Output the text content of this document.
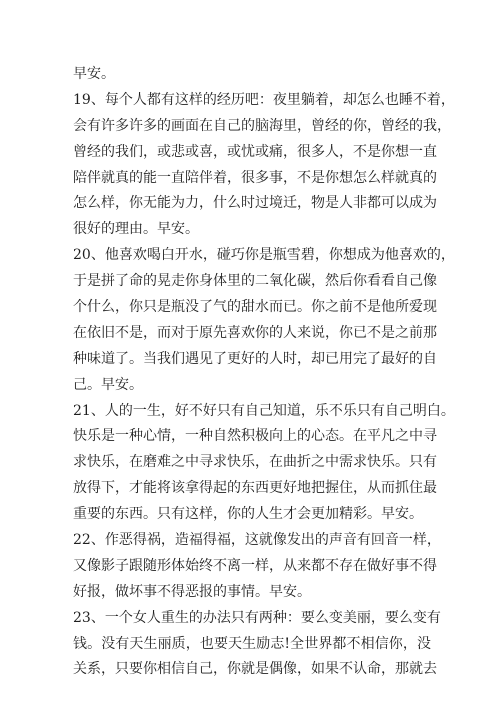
早安。
19、每个人都有这样的经历吧：夜里躺着，却怎么也睡不着，
会有许多许多的画面在自己的脑海里，曾经的你，曾经的我，
曾经的我们，或悲或喜，或忧或痛，很多人，不是你想一直
陪伴就真的能一直陪伴着，很多事，不是你想怎么样就真的
怎么样，你无能为力，什么时过境迁，物是人非都可以成为
很好的理由。早安。
20、他喜欢喝白开水，碰巧你是瓶雪碧，你想成为他喜欢的，
于是拼了命的晃走你身体里的二氧化碳，然后你看看自己像
个什么，你只是瓶没了气的甜水而已。你之前不是他所爱现
在依旧不是，而对于原先喜欢你的人来说，你已不是之前那
种味道了。当我们遇见了更好的人时，却已用完了最好的自
己。早安。
21、人的一生，好不好只有自己知道，乐不乐只有自己明白。
快乐是一种心情，一种自然积极向上的心态。在平凡之中寻
求快乐，在磨难之中寻求快乐，在曲折之中需求快乐。只有
放得下，才能将该拿得起的东西更好地把握住，从而抓住最
重要的东西。只有这样，你的人生才会更加精彩。早安。
22、作恶得祸，造福得福，这就像发出的声音有回音一样，
又像影子跟随形体始终不离一样，从来都不存在做好事不得
好报，做坏事不得恶报的事情。早安。
23、一个女人重生的办法只有两种：要么变美丽，要么变有
钱。没有天生丽质，也要天生励志!全世界都不相信你，没
关系，只要你相信自己，你就是偶像，如果不认命，那就去
